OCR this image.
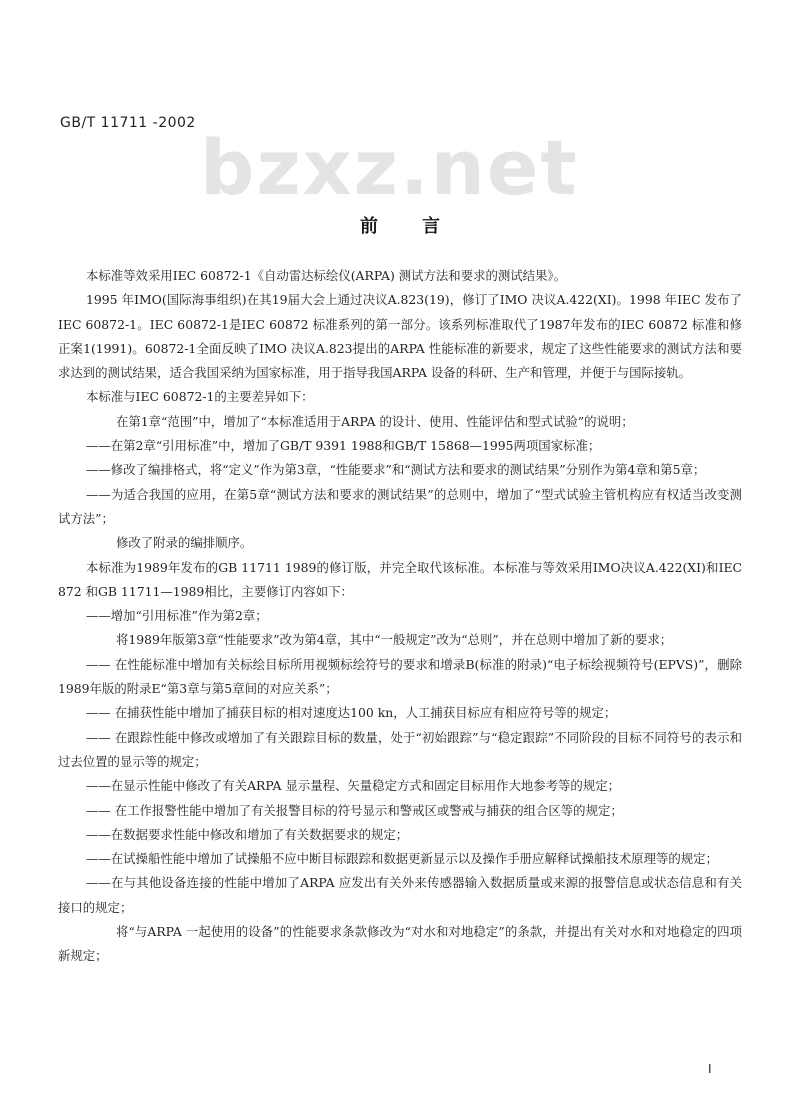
GB/T 11711 -2002 bzxz.net
前言

本标准等效采用IEC 60872-1《自动雷达标绘仪(ARPA) 测试方法和要求的测试结果》。

1995 年IMO(国际海事组织)在其19届大会上通过决议A.823(19)，修订了IMO 决议A.422(XI)。1998 年IEC 发布了IEC 60872-1。IEC 60872-1是IEC 60872 标准系列的第一部分。该系列标准取代了1987年发布的IEC 60872 标准和修正案1(1991)。60872-1全面反映了IMO 决议A.823提出的ARPA 性能标准的新要求，规定了这些性能要求的测试方法和要求达到的测试结果，适合我国采纳为国家标准，用于指导我国ARPA 设备的科研、生产和管理，并便于与国际接轨。

本标准与IEC 60872-1的主要差异如下：

在第1章“范围”中，增加了“本标准适用于ARPA 的设计、使用、性能评估和型式试验”的说明；

——在第2章“引用标准”中，增加了GB/T 9391 1988和GB/T 15868—1995两项国家标准；

——修改了编排格式，将“定义”作为第3章，“性能要求”和“测试方法和要求的测试结果”分别作为第4章和第5章；

——为适合我国的应用，在第5章“测试方法和要求的测试结果”的总则中，增加了“型式试验主管机构应有权适当改变测试方法”；

修改了附录的编排顺序。

本标准为1989年发布的GB 11711 1989的修订版，并完全取代该标准。本标准与等效采用IMO决议A.422(XI)和IEC 872 和GB 11711—1989相比，主要修订内容如下：

——增加“引用标准”作为第2章；

将1989年版第3章“性能要求”改为第4章，其中“一般规定”改为“总则”，并在总则中增加了新的要求；

—— 在性能标准中增加有关标绘目标所用视频标绘符号的要求和增录B(标准的附录)“电子标绘视频符号(EPVS)”，删除1989年版的附录E“第3章与第5章间的对应关系”；

—— 在捕获性能中增加了捕获目标的相对速度达100 kn，人工捕获目标应有相应符号等的规定；

—— 在跟踪性能中修改或增加了有关跟踪目标的数量，处于“初始跟踪”与“稳定跟踪”不同阶段的目标不同符号的表示和过去位置的显示等的规定；

——在显示性能中修改了有关ARPA 显示量程、矢量稳定方式和固定目标用作大地参考等的规定；

—— 在工作报警性能中增加了有关报警目标的符号显示和警戒区或警戒与捕获的组合区等的规定；

——在数据要求性能中修改和增加了有关数据要求的规定；

——在试操船性能中增加了试操船不应中断目标跟踪和数据更新显示以及操作手册应解释试操船技术原理等的规定；

——在与其他设备连接的性能中增加了ARPA 应发出有关外来传感器输入数据质量或来源的报警信息或状态信息和有关接口的规定；

将“与ARPA 一起使用的设备”的性能要求条款修改为“对水和对地稳定”的条款，并提出有关对水和对地稳定的四项新规定；

I
